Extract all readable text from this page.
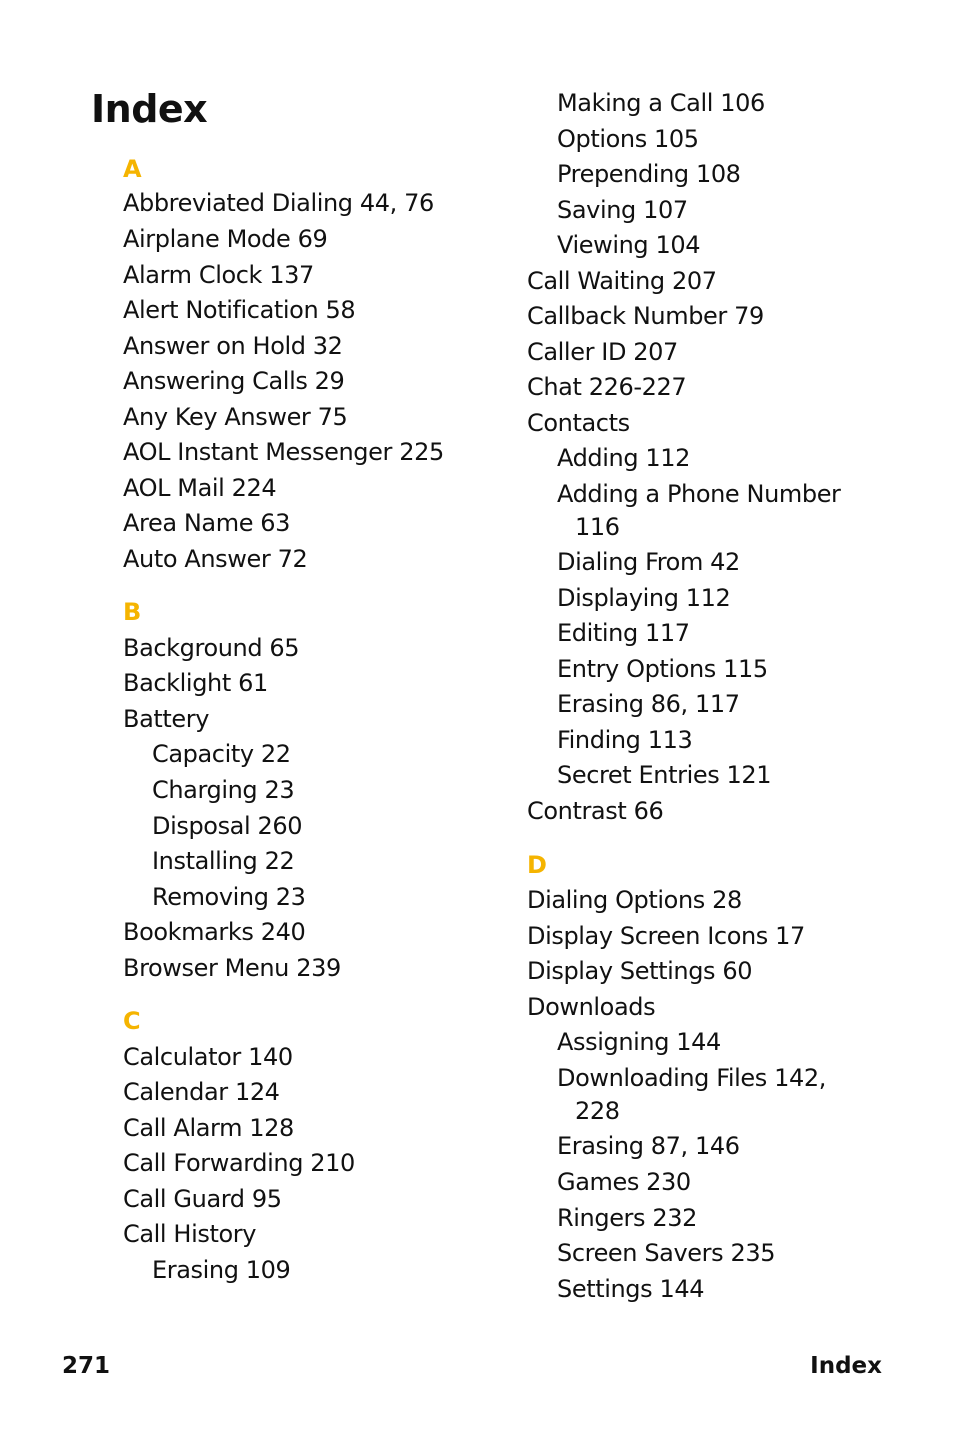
Index
A
Abbreviated Dialing 44, 76
Airplane Mode 69
Alarm Clock 137
Alert Notification 58
Answer on Hold 32
Answering Calls 29
Any Key Answer 75
AOL Instant Messenger 225
AOL Mail 224
Area Name 63
Auto Answer 72
B
Background 65
Backlight 61
Battery
Capacity 22
Charging 23
Disposal 260
Installing 22
Removing 23
Bookmarks 240
Browser Menu 239
C
Calculator 140
Calendar 124
Call Alarm 128
Call Forwarding 210
Call Guard 95
Call History
Erasing 109
Making a Call 106
Options 105
Prepending 108
Saving 107
Viewing 104
Call Waiting 207
Callback Number 79
Caller ID 207
Chat 226-227
Contacts
Adding 112
Adding a Phone Number
116
Dialing From 42
Displaying 112
Editing 117
Entry Options 115
Erasing 86, 117
Finding 113
Secret Entries 121
Contrast 66
D
Dialing Options 28
Display Screen Icons 17
Display Settings 60
Downloads
Assigning 144
Downloading Files 142,
228
Erasing 87, 146
Games 230
Ringers 232
Screen Savers 235
Settings 144
271	Index
